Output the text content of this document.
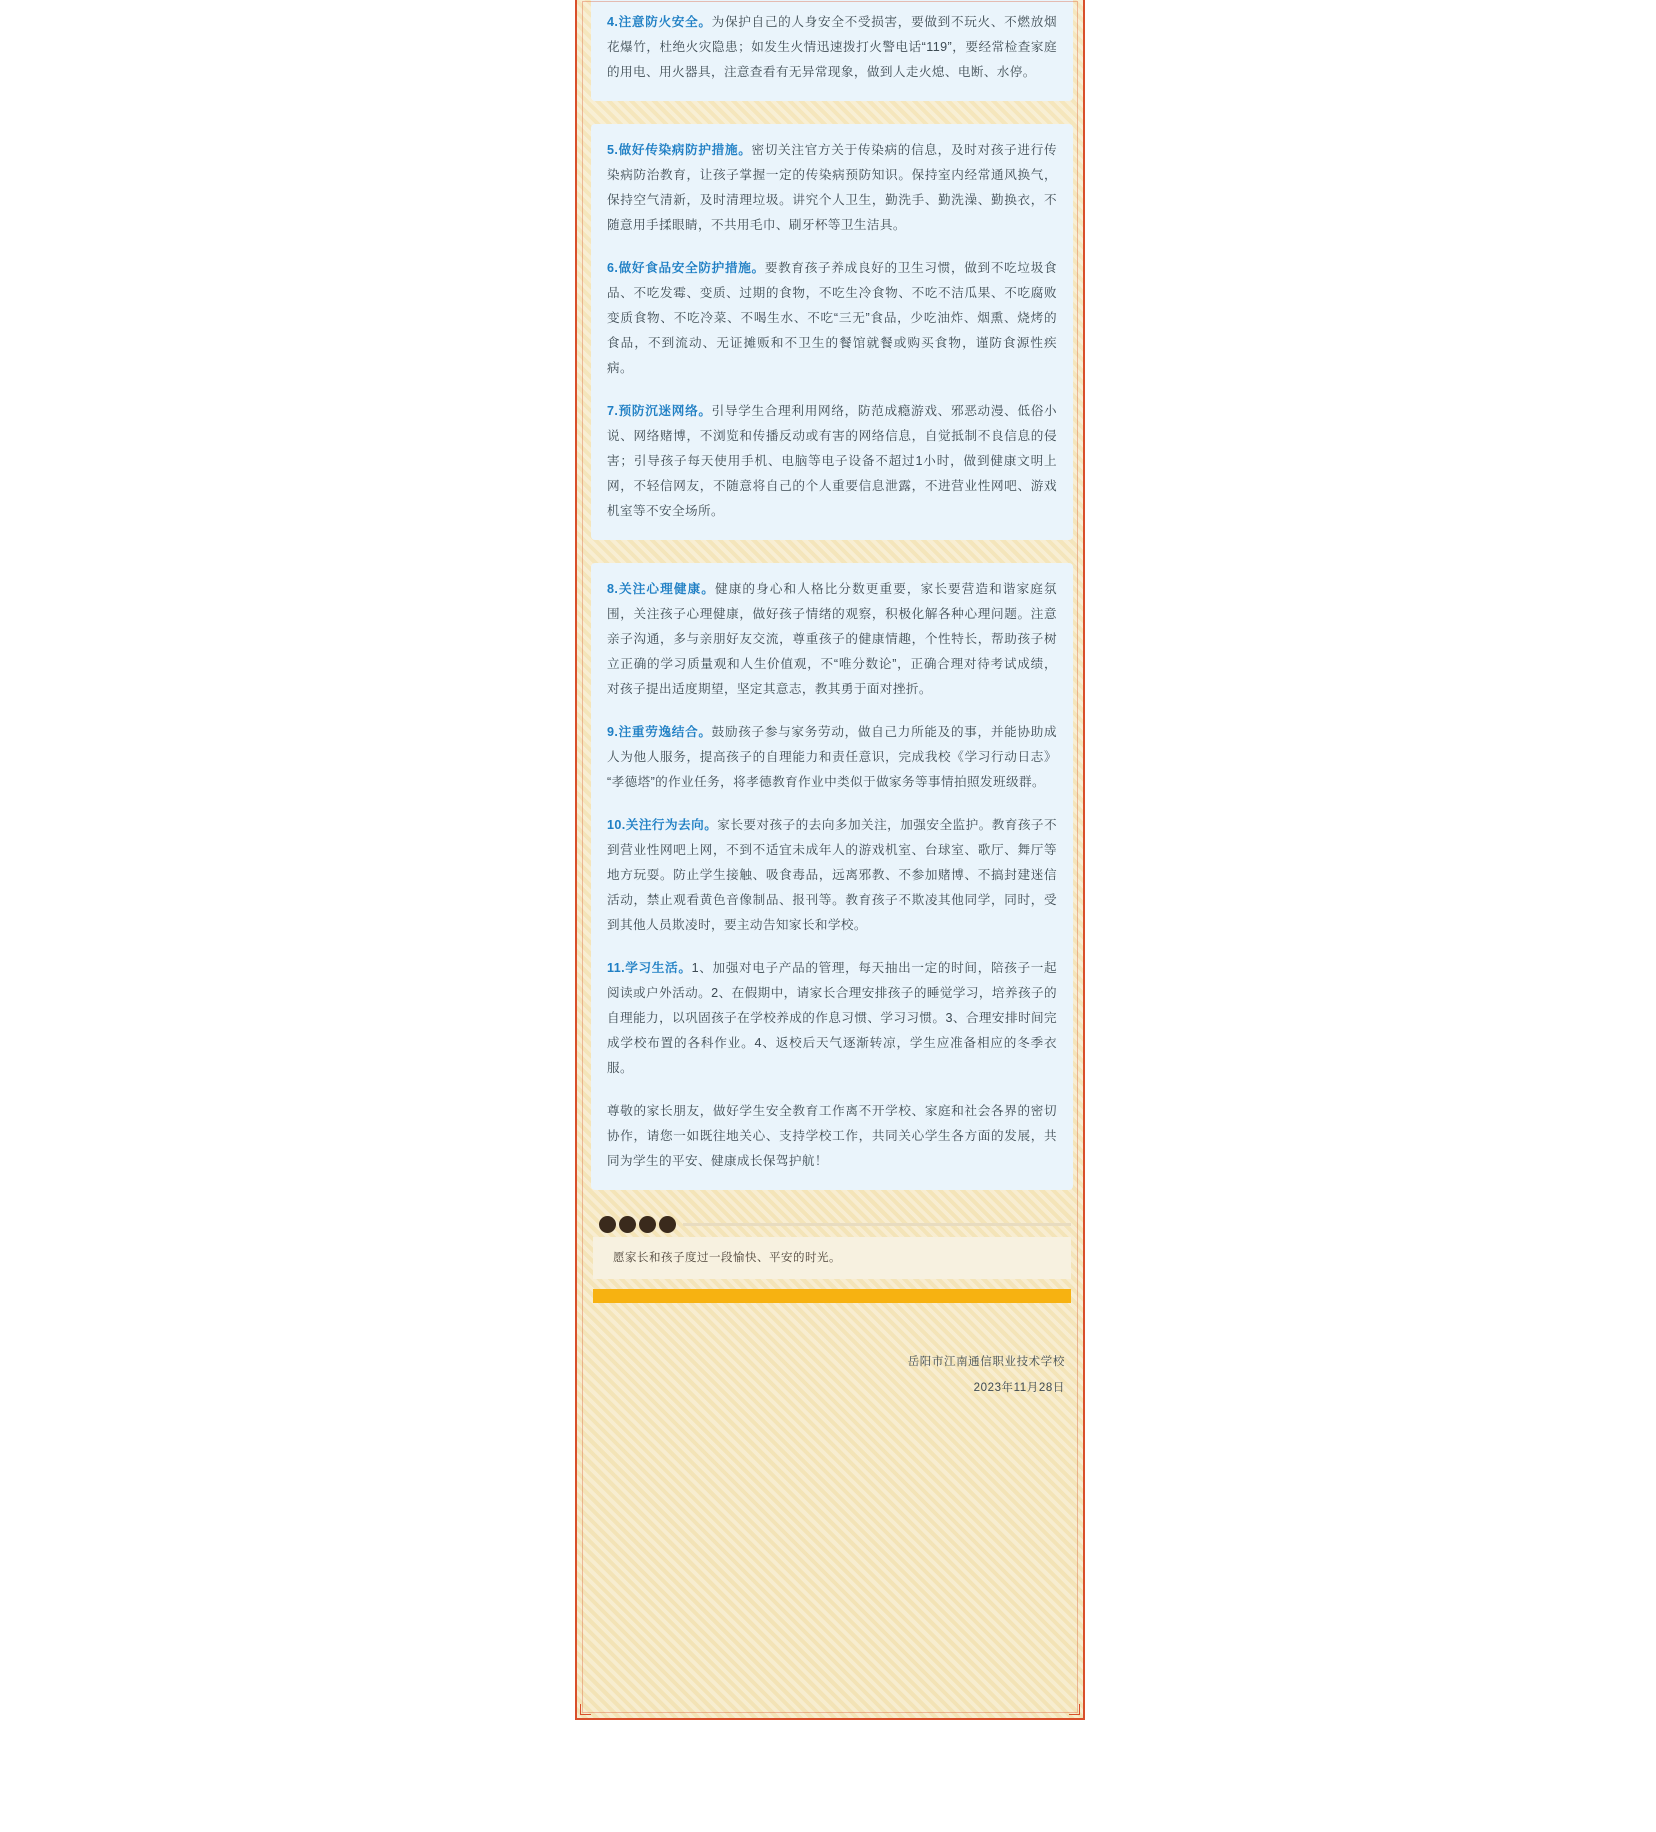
4.注意防火安全。为保护自己的人身安全不受损害，要做到不玩火、不燃放烟花爆竹，杜绝火灾隐患；如发生火情迅速拨打火警电话“119”，要经常检查家庭的用电、用火器具，注意查看有无异常现象，做到人走火熄、电断、水停。

5.做好传染病防护措施。密切关注官方关于传染病的信息，及时对孩子进行传染病防治教育，让孩子掌握一定的传染病预防知识。保持室内经常通风换气，保持空气清新，及时清理垃圾。讲究个人卫生，勤洗手、勤洗澡、勤换衣，不随意用手揉眼睛，不共用毛巾、刷牙杯等卫生洁具。

6.做好食品安全防护措施。要教育孩子养成良好的卫生习惯，做到不吃垃圾食品、不吃发霉、变质、过期的食物，不吃生冷食物、不吃不洁瓜果、不吃腐败变质食物、不吃冷菜、不喝生水、不吃“三无”食品，少吃油炸、烟熏、烧烤的食品，不到流动、无证摊贩和不卫生的餐馆就餐或购买食物，谨防食源性疾病。

7.预防沉迷网络。引导学生合理利用网络，防范成瘾游戏、邪恶动漫、低俗小说、网络赌博，不浏览和传播反动或有害的网络信息，自觉抵制不良信息的侵害；引导孩子每天使用手机、电脑等电子设备不超过1小时，做到健康文明上网，不轻信网友，不随意将自己的个人重要信息泄露，不进营业性网吧、游戏机室等不安全场所。

8.关注心理健康。健康的身心和人格比分数更重要，家长要营造和谐家庭氛围，关注孩子心理健康，做好孩子情绪的观察，积极化解各种心理问题。注意亲子沟通，多与亲朋好友交流，尊重孩子的健康情趣，个性特长，帮助孩子树立正确的学习质量观和人生价值观，不“唯分数论”，正确合理对待考试成绩，对孩子提出适度期望，坚定其意志，教其勇于面对挫折。

9.注重劳逸结合。鼓励孩子参与家务劳动，做自己力所能及的事，并能协助成人为他人服务，提高孩子的自理能力和责任意识，完成我校《学习行动日志》“孝德塔”的作业任务，将孝德教育作业中类似于做家务等事情拍照发班级群。

10.关注行为去向。家长要对孩子的去向多加关注，加强安全监护。教育孩子不到营业性网吧上网，不到不适宜未成年人的游戏机室、台球室、歌厅、舞厅等地方玩耍。防止学生接触、吸食毒品，远离邪教、不参加赌博、不搞封建迷信活动，禁止观看黄色音像制品、报刊等。教育孩子不欺凌其他同学，同时，受到其他人员欺凌时，要主动告知家长和学校。

11.学习生活。1、加强对电子产品的管理，每天抽出一定的时间，陪孩子一起阅读或户外活动。2、在假期中，请家长合理安排孩子的睡觉学习，培养孩子的自理能力，以巩固孩子在学校养成的作息习惯、学习习惯。3、合理安排时间完成学校布置的各科作业。4、返校后天气逐渐转凉，学生应准备相应的冬季衣服。

尊敬的家长朋友，做好学生安全教育工作离不开学校、家庭和社会各界的密切协作，请您一如既往地关心、支持学校工作，共同关心学生各方面的发展，共同为学生的平安、健康成长保驾护航！

愿家长和孩子度过一段愉快、平安的时光。
岳阳市江南通信职业技术学校
2023年11月28日
